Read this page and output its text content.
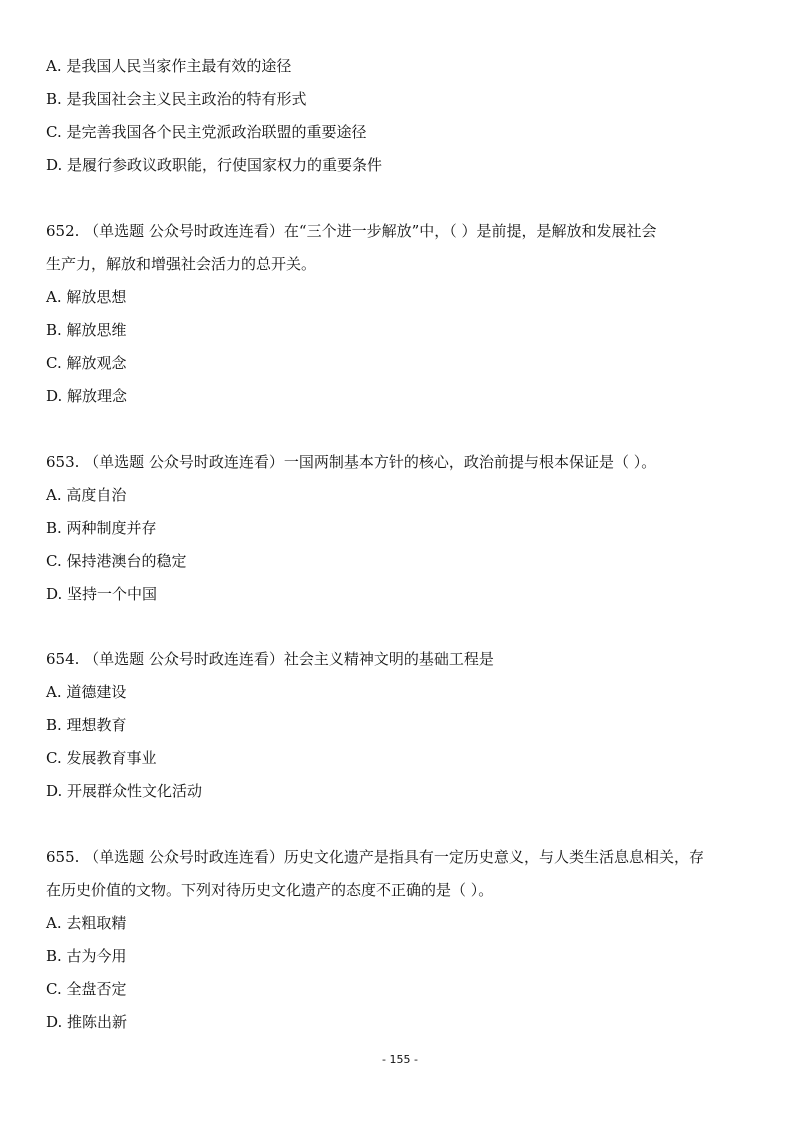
A. 是我国人民当家作主最有效的途径
B. 是我国社会主义民主政治的特有形式
C. 是完善我国各个民主党派政治联盟的重要途径
D. 是履行参政议政职能，行使国家权力的重要条件
652. （单选题 公众号时政连连看）在“三个进一步解放”中，（ ）是前提，是解放和发展社会
生产力，解放和增强社会活力的总开关。
A. 解放思想
B. 解放思维
C. 解放观念
D. 解放理念
653. （单选题 公众号时政连连看）一国两制基本方针的核心，政治前提与根本保证是（ ）。
A. 高度自治
B. 两种制度并存
C. 保持港澳台的稳定
D. 坚持一个中国
654. （单选题 公众号时政连连看）社会主义精神文明的基础工程是
A. 道德建设
B. 理想教育
C. 发展教育事业
D. 开展群众性文化活动
655. （单选题 公众号时政连连看）历史文化遗产是指具有一定历史意义，与人类生活息息相关，存
在历史价值的文物。下列对待历史文化遗产的态度不正确的是（ ）。
A. 去粗取精
B. 古为今用
C. 全盘否定
D. 推陈出新
- 155 -
